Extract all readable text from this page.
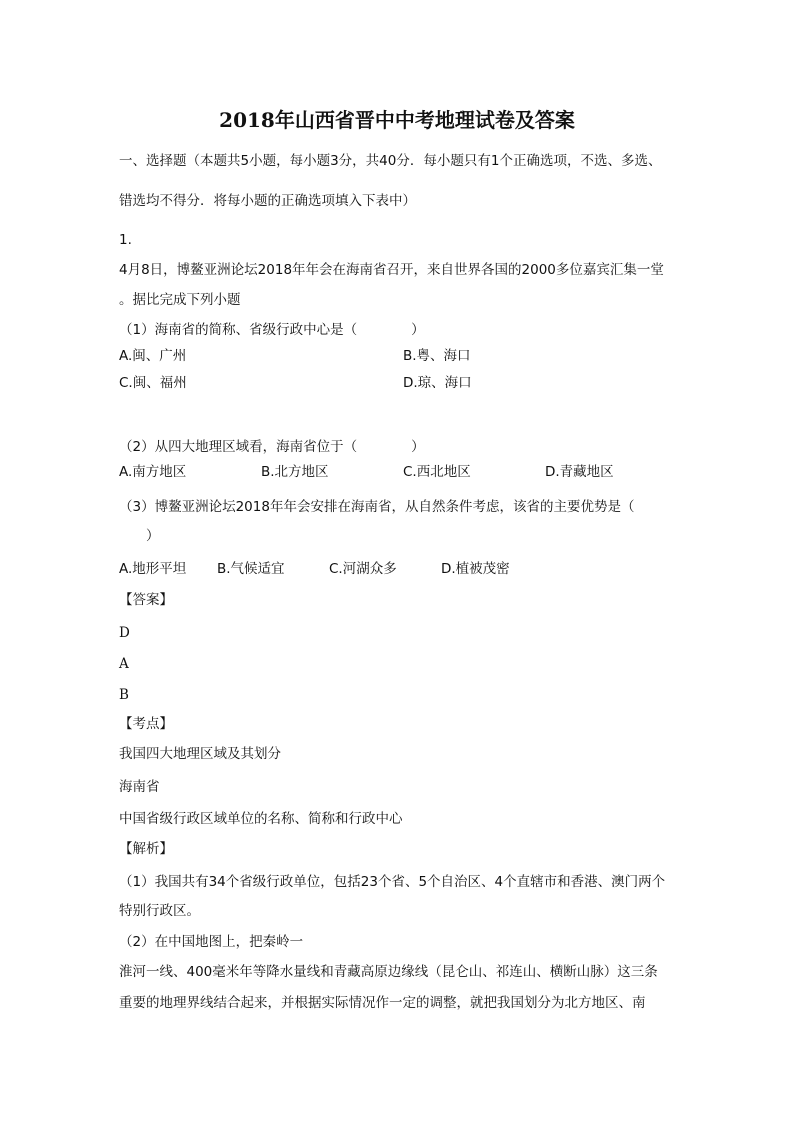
2018年山西省晋中中考地理试卷及答案
一、选择题（本题共5小题，每小题3分，共40分．每小题只有1个正确选项，不选、多选、
错选均不得分．将每小题的正确选项填入下表中）
1.
4月8日，博鳌亚洲论坛2018年年会在海南省召开，来自世界各国的2000多位嘉宾汇集一堂
。据比完成下列小题
（1）海南省的简称、省级行政中心是（　　　　）
A.闽、广州	B.粤、海口
C.闽、福州	D.琼、海口
（2）从四大地理区域看，海南省位于（　　　　）
A.南方地区	B.北方地区	C.西北地区	D.青藏地区
（3）博鳌亚洲论坛2018年年会安排在海南省，从自然条件考虑，该省的主要优势是（
　　）
A.地形平坦 B.气候适宜	C.河湖众多	D.植被茂密
【答案】
D
A
B
【考点】
我国四大地理区域及其划分
海南省
中国省级行政区域单位的名称、简称和行政中心
【解析】
（1）我国共有34个省级行政单位，包括23个省、5个自治区、4个直辖市和香港、澳门两个
特别行政区。
（2）在中国地图上，把秦岭一
淮河一线、400毫米年等降水量线和青藏高原边缘线（昆仑山、祁连山、横断山脉）这三条
重要的地理界线结合起来，并根据实际情况作一定的调整，就把我国划分为北方地区、南
